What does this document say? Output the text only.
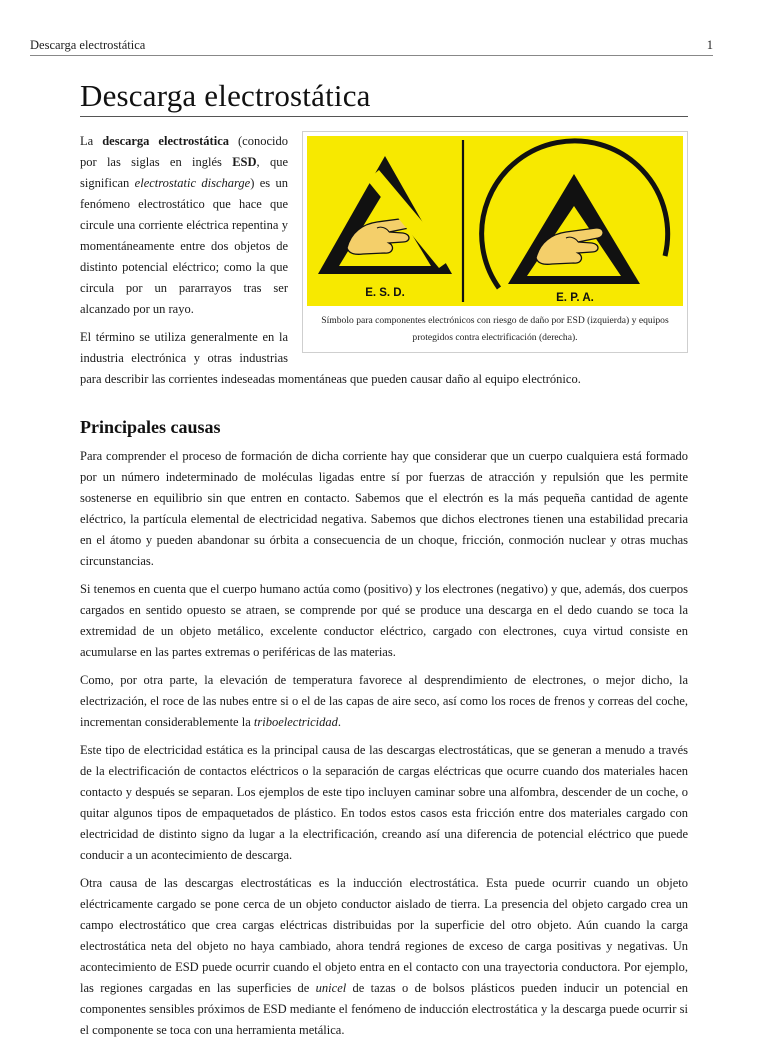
Descarga electrostática	1
Descarga electrostática
E. S. D.	E. P. A.
Símbolo para componentes electrónicos con riesgo de daño por ESD (izquierda) y equipos protegidos contra electrificación (derecha).

La descarga electrostática (conocido por las siglas en inglés ESD, que significan electrostatic discharge) es un fenómeno electrostático que hace que circule una corriente eléctrica repentina y momentáneamente entre dos objetos de distinto potencial eléctrico; como la que circula por un pararrayos tras ser alcanzado por un rayo.

El término se utiliza generalmente en la industria electrónica y otras industrias para describir las corrientes indeseadas momentáneas que pueden causar daño al equipo electrónico.

Principales causas

Para comprender el proceso de formación de dicha corriente hay que considerar que un cuerpo cualquiera está formado por un número indeterminado de moléculas ligadas entre sí por fuerzas de atracción y repulsión que les permite sostenerse en equilibrio sin que entren en contacto. Sabemos que el electrón es la más pequeña cantidad de agente eléctrico, la partícula elemental de electricidad negativa. Sabemos que dichos electrones tienen una estabilidad precaria en el átomo y pueden abandonar su órbita a consecuencia de un choque, fricción, conmoción nuclear y otras muchas circunstancias.

Si tenemos en cuenta que el cuerpo humano actúa como (positivo) y los electrones (negativo) y que, además, dos cuerpos cargados en sentido opuesto se atraen, se comprende por qué se produce una descarga en el dedo cuando se toca la extremidad de un objeto metálico, excelente conductor eléctrico, cargado con electrones, cuya virtud consiste en acumularse en las partes extremas o periféricas de las materias.

Como, por otra parte, la elevación de temperatura favorece al desprendimiento de electrones, o mejor dicho, la electrización, el roce de las nubes entre si o el de las capas de aire seco, así como los roces de frenos y correas del coche, incrementan considerablemente la triboelectricidad.

Este tipo de electricidad estática es la principal causa de las descargas electrostáticas, que se generan a menudo a través de la electrificación de contactos eléctricos o la separación de cargas eléctricas que ocurre cuando dos materiales hacen contacto y después se separan. Los ejemplos de este tipo incluyen caminar sobre una alfombra, descender de un coche, o quitar algunos tipos de empaquetados de plástico. En todos estos casos esta fricción entre dos materiales cargado con electricidad de distinto signo da lugar a la electrificación, creando así una diferencia de potencial eléctrico que puede conducir a un acontecimiento de descarga.

Otra causa de las descargas electrostáticas es la inducción electrostática. Esta puede ocurrir cuando un objeto eléctricamente cargado se pone cerca de un objeto conductor aislado de tierra. La presencia del objeto cargado crea un campo electrostático que crea cargas eléctricas distribuidas por la superficie del otro objeto. Aún cuando la carga electrostática neta del objeto no haya cambiado, ahora tendrá regiones de exceso de carga positivas y negativas. Un acontecimiento de ESD puede ocurrir cuando el objeto entra en el contacto con una trayectoria conductora. Por ejemplo, las regiones cargadas en las superficies de unicel de tazas o de bolsos plásticos pueden inducir un potencial en componentes sensibles próximos de ESD mediante el fenómeno de inducción electrostática y la descarga puede ocurrir si el componente se toca con una herramienta metálica.
